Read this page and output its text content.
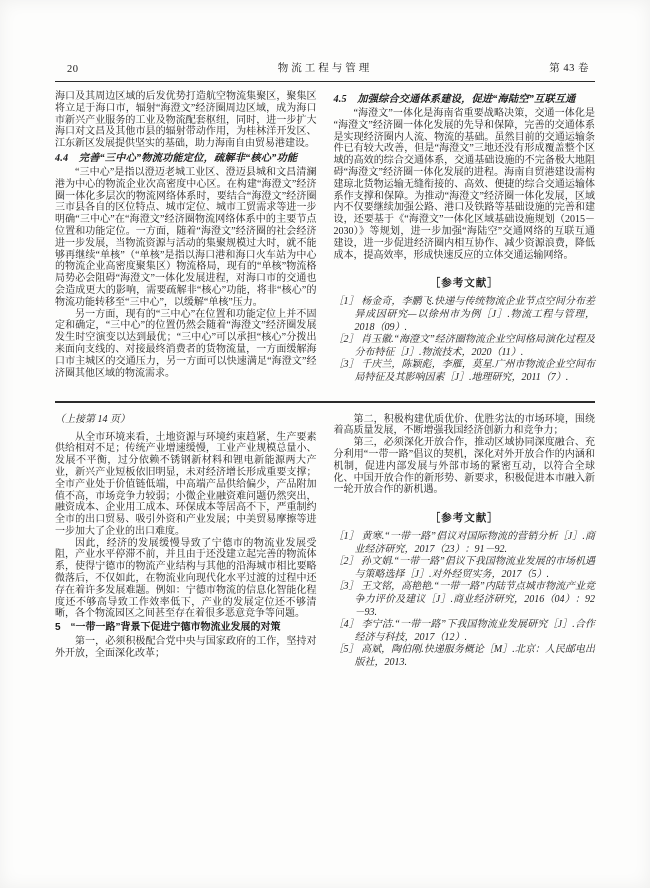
20	物流工程与管理	第 43 卷

海口及其周边区域的后发优势打造航空物流集聚区，聚集区将立足于海口市，辐射“海澄文”经济圈周边区域，成为海口市新兴产业服务的工业及物流配套枢纽，同时，进一步扩大海口对文昌及其他市县的辐射带动作用，为桂林洋开发区、江东新区发展提供坚实的基础，助力海南自由贸易港建设。

4.4　完善“三中心”物流功能定位，疏解非“核心”功能

“三中心”是指以澄迈老城工业区、澄迈县城和文昌清澜港为中心的物流企业次高密度中心区。在构建“海澄文”经济圈一体化多层次的物流网络体系时，要结合“海澄文”经济圈三市县各自的区位特点、城市定位、城市工贸需求等进一步明确“三中心”在“海澄文”经济圈物流网络体系中的主要节点位置和功能定位。一方面，随着“海澄文”经济圈的社会经济进一步发展，当物流资源与活动的集聚规模过大时，就不能够再继续“单核”（“单核”是指以海口港和海口火车站为中心的物流企业高密度聚集区）物流格局，现有的“单核”物流格局势必会阻碍“海澄文”一体化发展进程，对海口市的交通也会造成更大的影响，需要疏解非“核心”功能，将非“核心”的物流功能转移至“三中心”，以缓解“单核”压力。

另一方面，现有的“三中心”在位置和功能定位上并不固定和确定，“三中心”的位置仍然会随着“海澄文”经济圈发展发生时空演变以达到最优；“三中心”可以承担“核心”分拨出来面向支线的、对接最终消费者的货物流量，一方面缓解海口市主城区的交通压力，另一方面可以快速满足“海澄文”经济圈其他区域的物流需求。

4.5　加强综合交通体系建设，促进“海陆空”互联互通

“海澄文”一体化是海南省重要战略决策，交通一体化是“海澄文”经济圈一体化发展的先导和保障，完善的交通体系是实现经济圈内人流、物流的基础。虽然目前的交通运输条件已有较大改善，但是“海澄文”三地还没有形成覆盖整个区域的高效的综合交通体系，交通基础设施的不完备极大地阻碍“海澄文”经济圈一体化发展的进程。海南自贸港建设需构建琼北货物运输无缝衔接的、高效、便捷的综合交通运输体系作支撑和保障。为推动“海澄文”经济圈一体化发展，区域内不仅要继续加强公路、港口及铁路等基础设施的完善和建设，还要基于《“海澄文”一体化区域基础设施规划（2015－2030）》等规划，进一步加强“海陆空”交通网络的互联互通建设，进一步促进经济圈内相互协作、减少资源浪费，降低成本，提高效率，形成快速反应的立体交通运输网络。

［参考文献］

［1］ 杨金奇，李鹏飞.快递与传统物流企业节点空间分布差异成因研究—以徐州市为例［J］.物流工程与管理，2018（09）.

［2］ 肖玉徽.“海澄文”经济圈物流企业空间格局演化过程及分布特征［J］.物流技术，2020（11）.

［3］ 千庆兰，陈颖彪，李雁，莫星.广州市物流企业空间布局特征及其影响因素［J］.地理研究，2011（7）.

（上接第 14 页）

从全市环境来看，土地资源与环境约束趋紧，生产要素供给相对不足；传统产业增速缓慢，工业产业规模总量小、发展不平衡，过分依赖不锈钢新材料和锂电新能源两大产业，新兴产业短板依旧明显，未对经济增长形成重要支撑；全市产业处于价值链低端，中高端产品供给偏少，产品附加值不高，市场竞争力较弱；小微企业融资难问题仍然突出，融资成本、企业用工成本、环保成本等居高不下，严重制约全市的出口贸易、吸引外资和产业发展；中美贸易摩擦等进一步加大了企业的出口难度。

因此，经济的发展缓慢导致了宁德市的物流业发展受阻，产业水平停滞不前，并且由于还没建立起完善的物流体系，使得宁德市的物流产业结构与其他的沿海城市相比要略微落后，不仅如此，在物流业向现代化水平过渡的过程中还存在着许多发展难题。例如：宁德市物流的信息化智能化程度还不够高导致工作效率低下，产业的发展定位还不够清晰，各个物流园区之间甚至存在着很多恶意竞争等问题。

5　“一带一路”背景下促进宁德市物流业发展的对策

第一，必须积极配合党中央与国家政府的工作，坚持对外开放，全面深化改革；

第二，积极构建优质优价、优胜劣汰的市场环境，围绕着高质量发展，不断增强我国经济创新力和竞争力；

第三，必须深化开放合作，推动区域协同深度融合、充分利用“一带一路”倡议的契机，深化对外开放合作的内涵和机制，促进内部发展与外部市场的紧密互动，以符合全球化、中国开放合作的新形势、新要求，积极促进本市融入新一轮开放合作的新机遇。

［参考文献］

［1］ 黄寒.“一带一路”倡议对国际物流的营销分析［J］.商业经济研究，2017（23）：91－92.

［2］ 孙文娟.“一带一路”倡议下我国物流业发展的市场机遇与策略选择［J］.对外经贸实务，2017（5）.

［3］ 王文铭，高艳艳.“一带一路”内陆节点城市物流产业竞争力评价及建议［J］.商业经济研究，2016（04）：92－93.

［4］ 李宁洁.“一带一路”下我国物流业发展研究［J］.合作经济与科技，2017（12）.

［5］ 高斌，陶伯刚.快递服务概论［M］.北京：人民邮电出版社，2013.
